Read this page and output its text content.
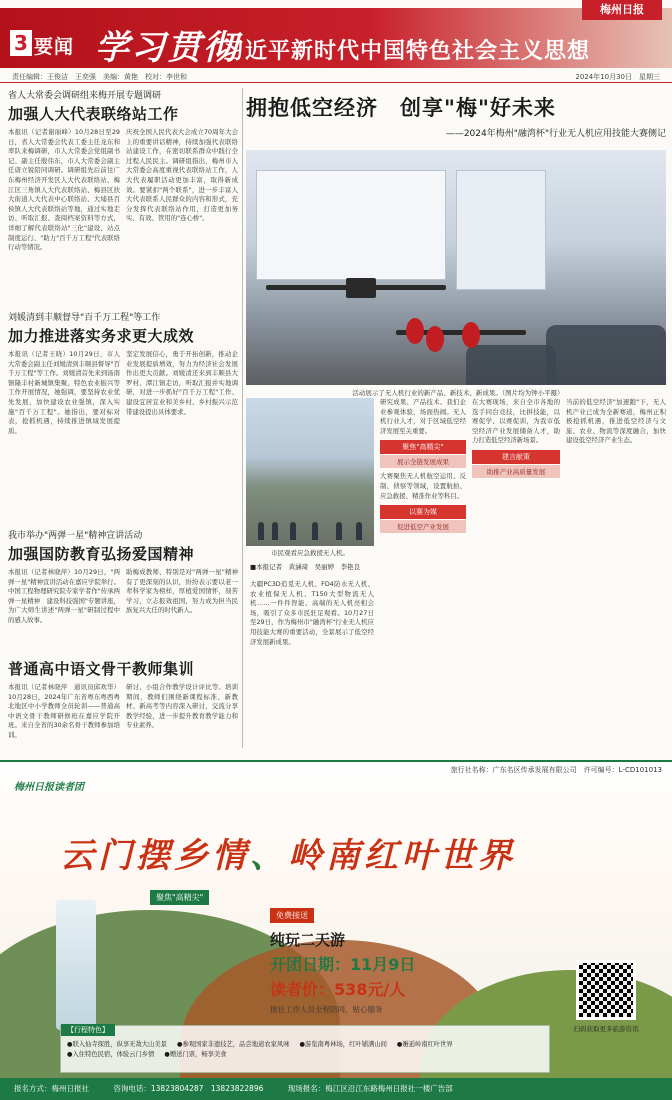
梅州日报
3 要闻 学习贯彻
习近平新时代中国特色社会主义思想
责任编辑：王俊洁　王奕强　美编：黄艳　校对：李世和	2024年10月30日　星期三
省人大常委会调研组来梅开展专题调研
加强人大代表联络站工作
本报讯（记者谢丽峰）10月28日至29日，省人大常委会代表工委主任龙东和率队来梅调研，市人大常委会党组副书记、副主任殷伟东，市人大常委会副主任唐立锐陪同调研。调研组先后前往广东梅州经济开发区人大代表联络站、梅江区三角镇人大代表联络站、梅县区扶大街道人大代表中心联络站、大埔县百侯镇人大代表联络站等地，通过实地走访、听取汇报、查阅档案资料等方式，详细了解代表联络站"三化"建设、站点制度运行、"助力"百千万工程"代表联络行动等情况。
庆祝全国人民代表大会成立70周年大会上的重要讲话精神，持续加强代表联络站建设工作，在密切联系群众中践行全过程人民民主。调研组指出，梅州市人大常委会高度重视代表联络站工作，人大代表履职活动更加丰富，取得新成效。要紧扣"两个联系"，进一步丰富人大代表联系人民群众的内容和形式，充分发挥代表联络站作用，打造更加务实、有效、管用的"连心桥"。
刘媛清到丰顺督导"百千万工程"等工作
加力推进落实务求更大成效
本报讯（记者王晓）10月29日，市人大常委会副主任刘媛清到丰顺县督导"百千万工程"等工作。刘媛清首先来到汤南镇隆丰村新城镇集聚、特色农业振兴等工作开展情况，她强调，要坚持农业优先发展，加快建设农业强镇，深入实施"百千万工程"。她指出，要对标对表，抢抓机遇，持续推进镇域发展提质。
坚定发展信心，勇于开拓创新，推动企业发展提质增效，努力为经济社会发展作出更大贡献。刘媛清还来到丰顺县大罗村、潭江镇走访，听取汇报并实地调研，对进一步抓好"百千万工程"工作、建设宜居宜业和美乡村、乡村振兴示范带建设提出具体要求。
我市举办"两弹一星"精神宣讲活动
加强国防教育弘扬爱国精神
本报讯（记者林晓萍）10月29日，"两弹一星"精神宣讲活动在嘉应学院举行。中国工程物理研究院专家学者作"传承两弹一星精神　建设科技强国"专题讲座，为广大师生讲述"两弹一星"研制过程中的感人故事。
助梅成教师、特别是对"两弹一星"精神有了更深刻的认识，纷纷表示要以老一辈科学家为榜样，厚植爱国情怀，刻苦学习，立志报效祖国，努力成为担当民族复兴大任的时代新人。
普通高中语文骨干教师集训
本报讯（记者林晓萍　通讯员邱欢华）10月28日，2024年广东省粤东粤西粤北地区中小学教师全员轮训——普通高中语文骨干教师研修班在嘉应学院开班。来自全省的30余名骨干教师参加培训。
研讨、小组合作教学设计评比等。培训期间，教师们围绕新课程标准、新教材、新高考等内容深入研讨，交流分享教学经验，进一步提升教育教学能力和专业素养。
拥抱低空经济　创享"梅"好未来
——2024年梅州"融湾杯"行业无人机应用技能大赛侧记
活动展示了无人机行业的新产品、新技术、新成果。（图片均为钟小平摄）
市民观看应急救援无人机。
■本报记者　黄涵琦　吴丽婷　李艳良
大疆PC3D追觅无人机、FD4防水无人机、农业植保无人机、T150大型物流无人机……一件件智能、高端的无人机亮相会场，吸引了众多市民驻足观看。10月27日至29日，作为梅州市"融湾杯"行业无人机应用技能大赛的重要活动，全景展示了低空经济发展新成果。
研究成果、产品技术、我们企业参观体验，场面热闹。无人机行业人才，对于区域低空经济发展至关重要。
聚焦"高精尖"
展示全链发展成果
大赛聚焦无人机航空运用、反制、侦察等领域，设置航拍、应急救援、精准作业等科目。
以赛为媒
促进低空产业发展
在大赛现场，来自全市各地的选手同台竞技，比拼技能，以赛促学、以赛促训，为我市低空经济产业发展储备人才，助力打造低空经济新场景。
建言献策
助推产业高质量发展
当前的低空经济"加速跑"下，无人机产业已成为全新赛道，梅州正积极抢抓机遇，推进低空经济与文旅、农业、物流等深度融合，加快建设低空经济产业生态。
旅行社名称：广东名区传承发展有限公司　许可编号：L-CD101013
梅州日报读者团
云门摆乡情、岭南红叶世界
聚焦"高精尖"
免费接送
纯玩二天游
开团日期：11月9日
读者价：538元/人
报社工作人员全程陪同，贴心服务
扫码获取更多旅游资讯
【行程特色】
●联入仙寺探胜，纵享无敌大山美景 ●参观国家非遗技艺，品尝地道农家风味 ●游览南粤林场，红叶铺满山间 ●邂逅岭南红叶世界 ●入住特色民宿，体验云门乡情 ●赠送门票，畅享美食
报名方式：梅州日报社	咨询电话：13823804287　13823822896	现场报名：梅江区沿江东路梅州日报社一楼广告部
